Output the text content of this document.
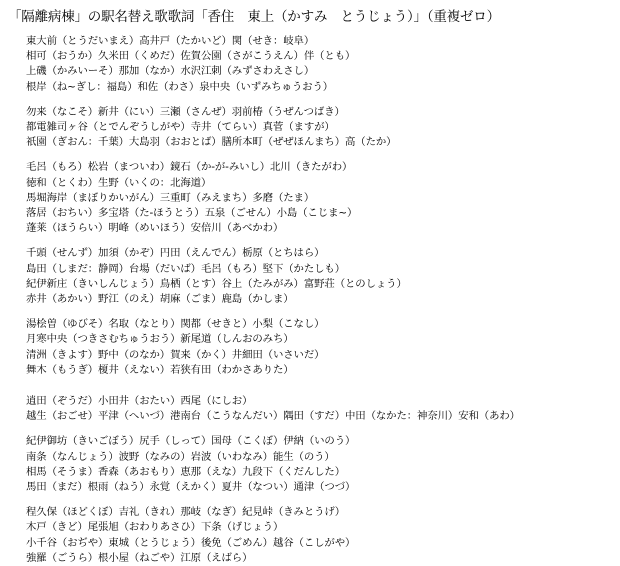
「隔離病棟」の駅名替え歌歌詞「香住　東上（かすみ　とうじょう）」（重複ゼロ）
東大前（とうだいまえ）高井戸（たかいど）関（せき：岐阜）
相可（おうか）久米田（くめだ）佐賀公園（さがこうえん）伴（とも）
上磯（かみいーそ）那加（なか）水沢江刺（みずさわえさし）
根岸（ね~ぎし：福島）和佐（わさ）泉中央（いずみちゅうおう）
勿来（なこそ）新井（にい）三瀬（さんぜ）羽前椿（うぜんつばき）
都電雑司ヶ谷（とでんぞうしがや）寺井（てらい）真菅（ますが）
祇園（ぎおん：千葉）大島羽（おおとば）膳所本町（ぜぜほんまち）高（たか）
毛呂（もろ）松岩（まついわ）鏡石（か-が-みいし）北川（きたがわ）
徳和（とくわ）生野（いくの：北海道）
馬堀海岸（まぼりかいがん）三重町（みえまち）多磨（たま）
落居（おちい）多宝塔（た-ほうとう）五泉（ごせん）小島（こじま~）
蓬莱（ほうらい）明峰（めいほう）安倍川（あべかわ）
千頭（せんず）加須（かぞ）円田（えんでん）栃原（とちはら）
島田（しまだ：静岡）台場（だいば）毛呂（もろ）堅下（かたしも）
紀伊新庄（きいしんじょう）鳥栖（とす）谷上（たみがみ）富野荘（とのしょう）
赤井（あかい）野江（のえ）胡麻（ごま）鹿島（かしま）
湯桧曽（ゆびそ）名取（なとり）関都（せきと）小梨（こなし）
月寒中央（つきさむちゅうおう）新尾道（しんおのみち）
清洲（きよす）野中（のなか）賀来（かく）井細田（いさいだ）
舞木（もうぎ）榎井（えない）若狭有田（わかさありた）
逍田（ぞうだ）小田井（おたい）西尾（にしお）
越生（おごせ）平津（へいづ）港南台（こうなんだい）隅田（すだ）中田（なかた：神奈川）安和（あわ）
紀伊御坊（きいごぼう）尻手（しって）国母（こくぼ）伊納（いのう）
南条（なんじょう）波野（なみの）岩波（いわなみ）能生（のう）
相馬（そうま）香森（あおもり）恵那（えな）九段下（くだんした）
馬田（まだ）根雨（ねう）永覚（えかく）夏井（なつい）通津（つづ）
程久保（ほどくぼ）吉礼（きれ）那岐（なぎ）紀見峠（きみとうげ）
木戸（きど）尾張旭（おわりあさひ）下条（げじょう）
小千谷（おぢや）東城（とうじょう）後免（ごめん）越谷（こしがや）
強羅（ごうら）根小屋（ねごや）江原（えばら）
